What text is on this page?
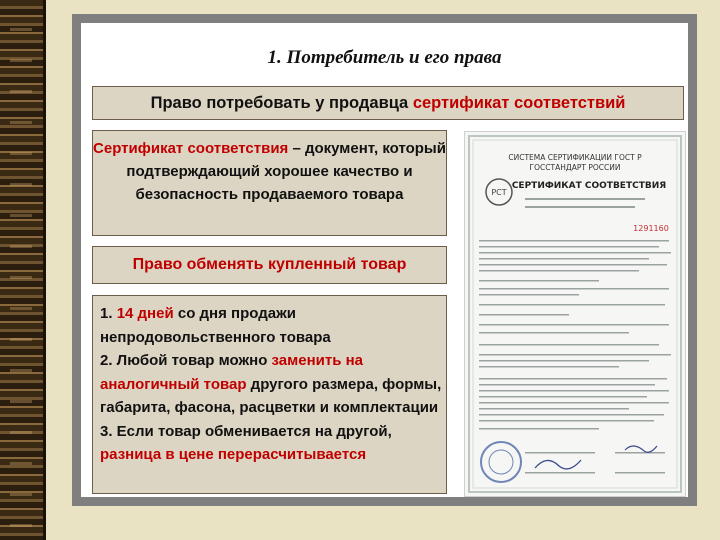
1. Потребитель и его права
Право потребовать у продавца сертификат соответствий
Сертификат соответствия – документ, который подтверждающий хорошее качество и безопасность продаваемого товара
Право обменять купленный товар
1. 14 дней со дня продажи непродовольственного товара
2. Любой товар можно заменить на аналогичный товар другого размера, формы, габарита, фасона, расцветки и комплектации
3. Если товар обменивается на другой, разница в цене перерасчитывается
СИСТЕМА СЕРТИФИКАЦИИ ГОСТ Р
ГОССТАНДАРТ РОССИИ
РСТ
СЕРТИФИКАТ СООТВЕТСТВИЯ
1291160
